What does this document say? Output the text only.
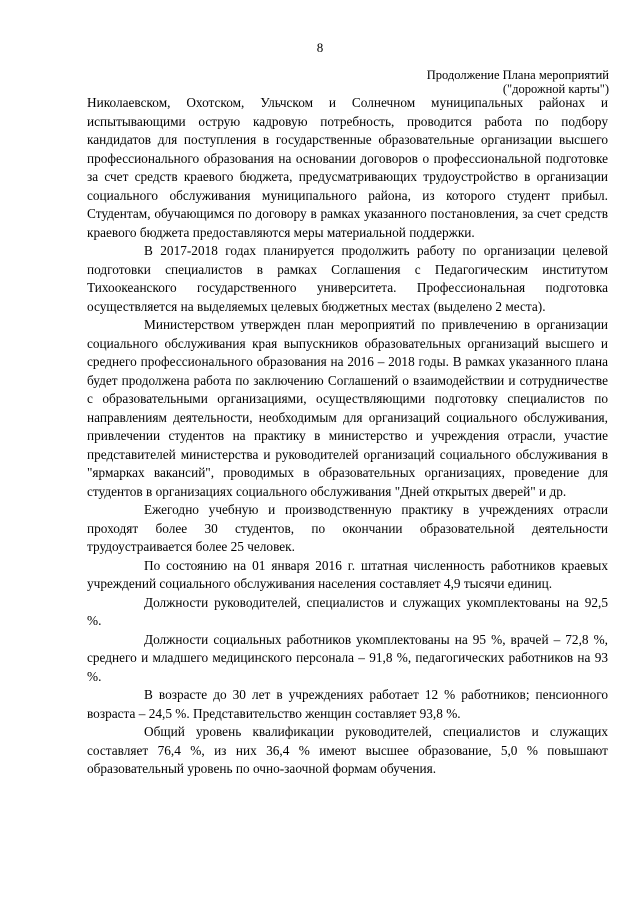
8
Продолжение Плана мероприятий
("дорожной карты")

Николаевском, Охотском, Ульчском и Солнечном муниципальных районах и испытывающими острую кадровую потребность, проводится работа по подбору кандидатов для поступления в государственные образовательные организации высшего профессионального образования на основании договоров о профессиональной подготовке за счет средств краевого бюджета, предусматривающих трудоустройство в организации социального обслуживания муниципального района, из которого студент прибыл. Студентам, обучающимся по договору в рамках указанного постановления, за счет средств краевого бюджета предоставляются меры материальной поддержки.

В 2017-2018 годах планируется продолжить работу по организации целевой подготовки специалистов в рамках Соглашения с Педагогическим институтом Тихоокеанского государственного университета. Профессиональная подготовка осуществляется на выделяемых целевых бюджетных местах (выделено 2 места).

Министерством утвержден план мероприятий по привлечению в организации социального обслуживания края выпускников образовательных организаций высшего и среднего профессионального образования на 2016 – 2018 годы. В рамках указанного плана будет продолжена работа по заключению Соглашений о взаимодействии и сотрудничестве с образовательными организациями, осуществляющими подготовку специалистов по направлениям деятельности, необходимым для организаций социального обслуживания, привлечении студентов на практику в министерство и учреждения отрасли, участие представителей министерства и руководителей организаций социального обслуживания в "ярмарках вакансий", проводимых в образовательных организациях, проведение для студентов в организациях социального обслуживания "Дней открытых дверей" и др.

Ежегодно учебную и производственную практику в учреждениях отрасли проходят более 30 студентов, по окончании образовательной деятельности трудоустраивается более 25 человек.

По состоянию на 01 января 2016 г. штатная численность работников краевых учреждений социального обслуживания населения составляет 4,9 тысячи единиц.

Должности руководителей, специалистов и служащих укомплектованы на 92,5 %.

Должности социальных работников укомплектованы на 95 %, врачей – 72,8 %, среднего и младшего медицинского персонала – 91,8 %, педагогических работников на 93 %.

В возрасте до 30 лет в учреждениях работает 12 % работников; пенсионного возраста – 24,5 %. Представительство женщин составляет 93,8 %.

Общий уровень квалификации руководителей, специалистов и служащих составляет 76,4 %, из них 36,4 % имеют высшее образование, 5,0 % повышают образовательный уровень по очно-заочной формам обучения.
